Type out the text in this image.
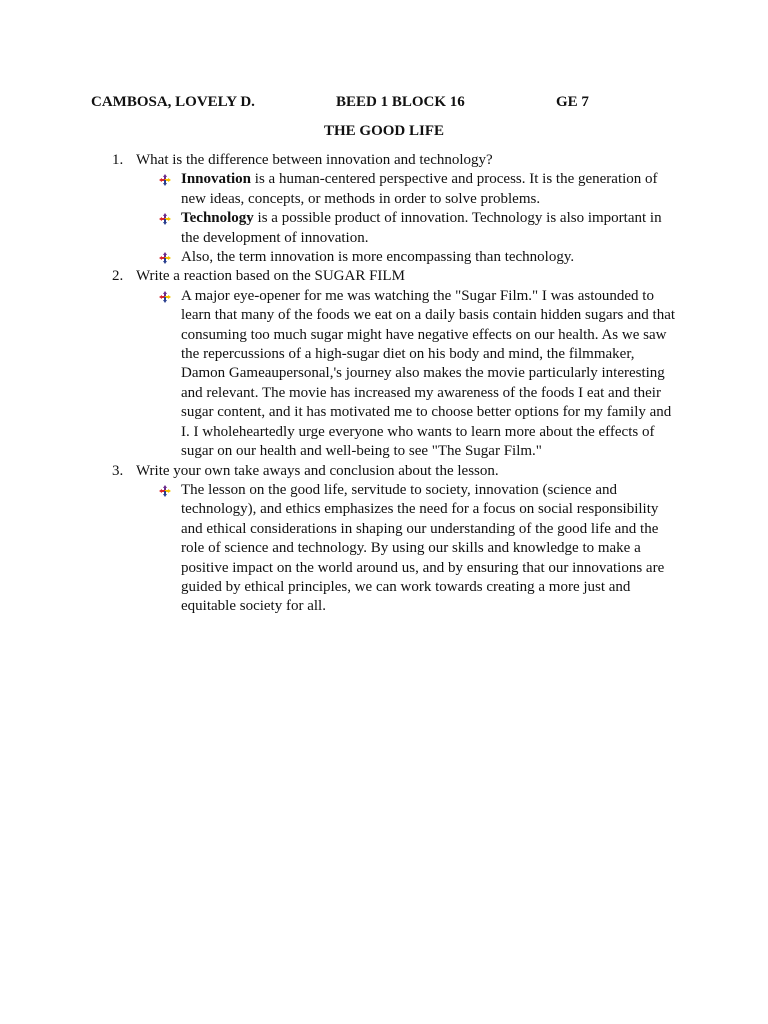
CAMBOSA, LOVELY D.	BEED 1 BLOCK 16	GE 7
THE GOOD LIFE
1. What is the difference between innovation and technology?
Innovation is a human-centered perspective and process. It is the generation of new ideas, concepts, or methods in order to solve problems.
Technology is a possible product of innovation. Technology is also important in the development of innovation.
Also, the term innovation is more encompassing than technology.
2. Write a reaction based on the SUGAR FILM
A major eye-opener for me was watching the "Sugar Film." I was astounded to learn that many of the foods we eat on a daily basis contain hidden sugars and that consuming too much sugar might have negative effects on our health. As we saw the repercussions of a high-sugar diet on his body and mind, the filmmaker, Damon Gameaupersonal,'s journey also makes the movie particularly interesting and relevant. The movie has increased my awareness of the foods I eat and their sugar content, and it has motivated me to choose better options for my family and I. I wholeheartedly urge everyone who wants to learn more about the effects of sugar on our health and well-being to see "The Sugar Film."
3. Write your own take aways and conclusion about the lesson.
The lesson on the good life, servitude to society, innovation (science and technology), and ethics emphasizes the need for a focus on social responsibility and ethical considerations in shaping our understanding of the good life and the role of science and technology. By using our skills and knowledge to make a positive impact on the world around us, and by ensuring that our innovations are guided by ethical principles, we can work towards creating a more just and equitable society for all.
